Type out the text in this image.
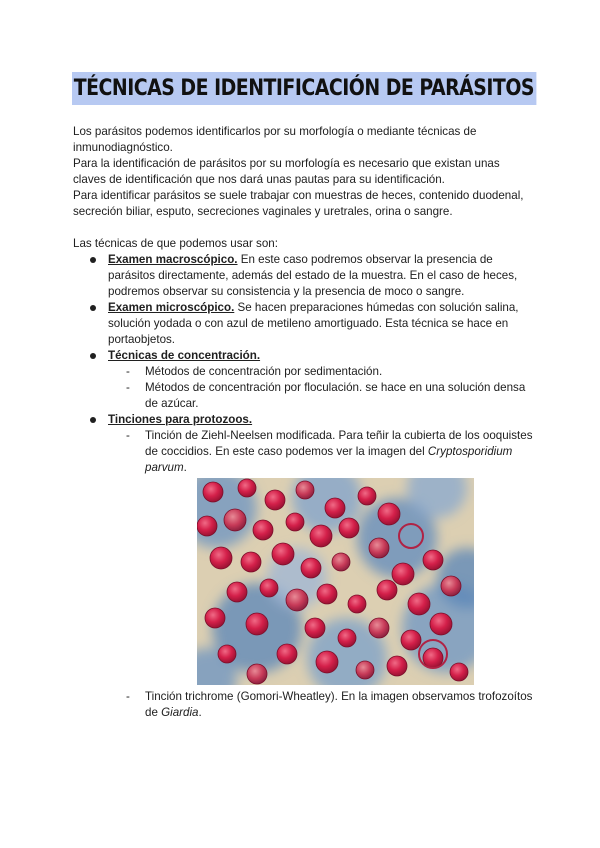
TÉCNICAS DE IDENTIFICACIÓN DE PARÁSITOS

Los parásitos podemos identificarlos por su morfología o mediante técnicas de inmunodiagnóstico.

Para la identificación de parásitos por su morfología es necesario que existan unas claves de identificación que nos dará unas pautas para su identificación.

Para identificar parásitos se suele trabajar con muestras de heces, contenido duodenal, secreción biliar, esputo, secreciones vaginales y uretrales, orina o sangre.

Las técnicas de que podemos usar son:

Examen macroscópico. En este caso podremos observar la presencia de parásitos directamente, además del estado de la muestra. En el caso de heces, podremos observar su consistencia y la presencia de moco o sangre.
Examen microscópico. Se hacen preparaciones húmedas con solución salina, solución yodada o con azul de metileno amortiguado. Esta técnica se hace en portaobjetos.
Técnicas de concentración.
- Métodos de concentración por sedimentación.
- Métodos de concentración por floculación. se hace en una solución densa de azúcar.
Tinciones para protozoos.
- Tinción de Ziehl-Neelsen modificada. Para teñir la cubierta de los ooquistes de coccidios. En este caso podemos ver la imagen del Cryptosporidium parvum.
- Tinción trichrome (Gomori-Wheatley). En la imagen observamos trofozoítos de Giardia.
